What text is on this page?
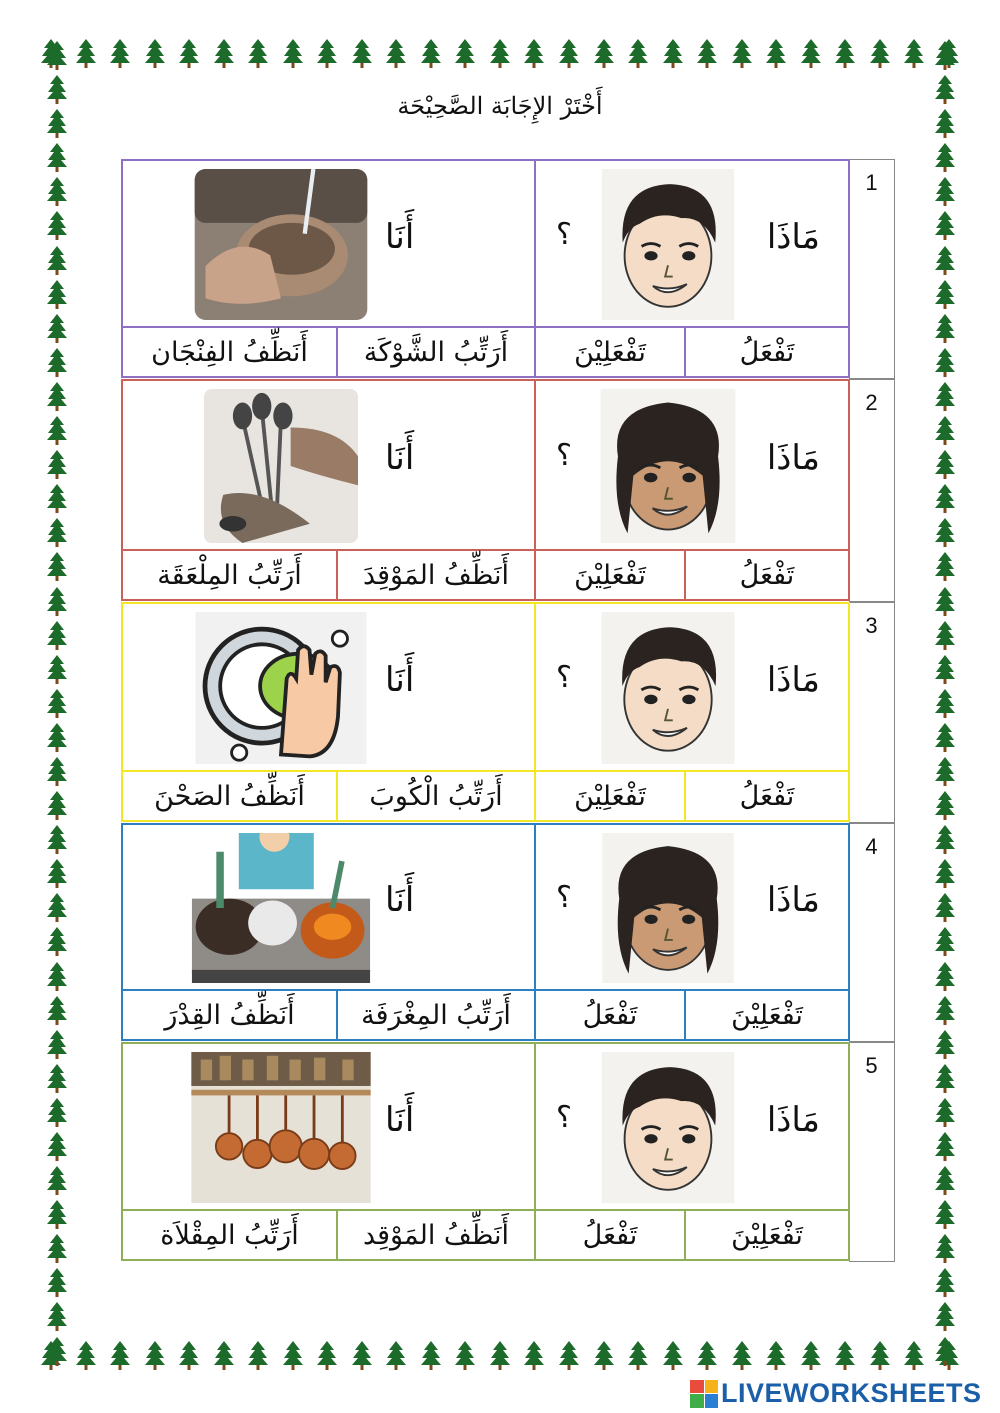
أَخْتَرْ الإِجَابَة الصَّحِيْحَة
1
مَاذَا
؟
أَنَا
تَفْعَلُ
تَفْعَلِيْنَ
أَرَتِّبُ الشَّوْكَة
أَنَظِّفُ الفِنْجَان
2
مَاذَا
؟
أَنَا
تَفْعَلُ
تَفْعَلِيْنَ
أَنَظِّفُ المَوْقِدَ
أَرَتِّبُ المِلْعَقَة
3
مَاذَا
؟
أَنَا
تَفْعَلُ
تَفْعَلِيْنَ
أَرَتِّبُ الْكُوبَ
أَنَظِّفُ الصَحْنَ
4
مَاذَا
؟
أَنَا
تَفْعَلِيْنَ
تَفْعَلُ
أَرَتِّبُ المِغْرَفَة
أَنَظِّفُ القِدْرَ
5
مَاذَا
؟
أَنَا
تَفْعَلِيْنَ
تَفْعَلُ
أَنَظِّفُ المَوْقِد
أَرَتِّبُ المِقْلاَة
LIVEWORKSHEETS
